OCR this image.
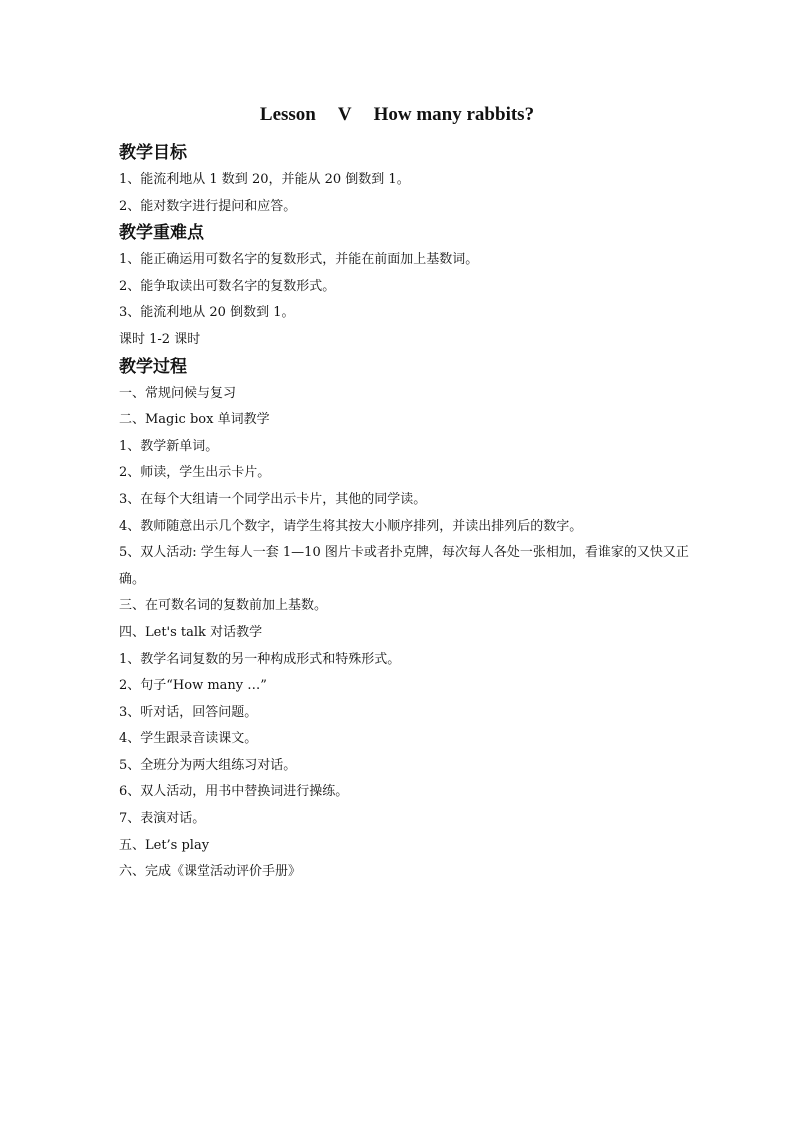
Lesson V How many rabbits?
教学目标
1、能流利地从 1 数到 20，并能从 20 倒数到 1。
2、能对数字进行提问和应答。
教学重难点
1、能正确运用可数名字的复数形式，并能在前面加上基数词。
2、能争取读出可数名字的复数形式。
3、能流利地从 20 倒数到 1。
课时 1-2 课时
教学过程
一、常规问候与复习
二、Magic box 单词教学
1、教学新单词。
2、师读，学生出示卡片。
3、在每个大组请一个同学出示卡片，其他的同学读。
4、教师随意出示几个数字，请学生将其按大小顺序排列，并读出排列后的数字。
5、双人活动: 学生每人一套 1—10 图片卡或者扑克牌，每次每人各处一张相加，看谁家的又快又正确。
三、在可数名词的复数前加上基数。
四、Let's talk 对话教学
1、教学名词复数的另一种构成形式和特殊形式。
2、句子“How many …”
3、听对话，回答问题。
4、学生跟录音读课文。
5、全班分为两大组练习对话。
6、双人活动，用书中替换词进行操练。
7、表演对话。
五、Let’s play
六、完成《课堂活动评价手册》
